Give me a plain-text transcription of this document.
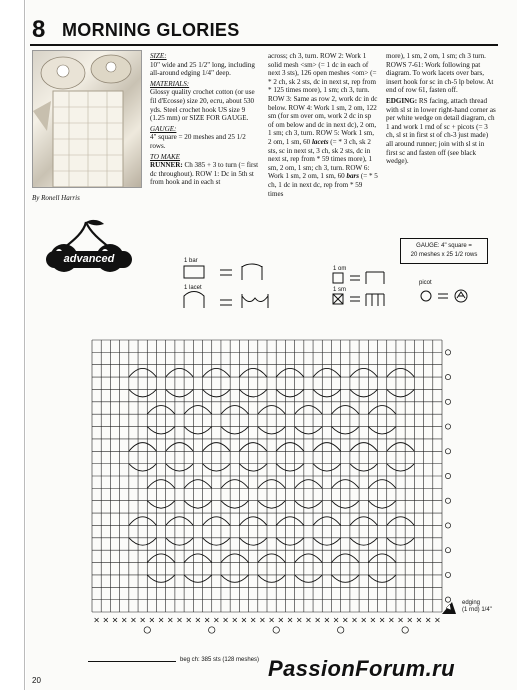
8 MORNING GLORIES
By Ronell Harris
advanced

SIZE:
10" wide and 25 1/2" long, including all-around edging 1/4" deep.

MATERIALS:
Glossy quality crochet cotton (or use fil d'Ecosse) size 20, ecru, about 530 yds. Steel crochet hook US size 9 (1.25 mm) or SIZE FOR GAUGE.

GAUGE:
4" square = 20 meshes and 25 1/2 rows.

TO MAKE
RUNNER: Ch 385 + 3 to turn (= first dc throughout). ROW 1: Dc in 5th st from hook and in each st

across; ch 3, turn. ROW 2: Work 1 solid mesh <sm> (= 1 dc in each of next 3 sts), 126 open meshes <om> (= * 2 ch, sk 2 sts, dc in next st, rep from * 125 times more), 1 sm; ch 3, turn. ROW 3: Same as row 2, work dc in dc below. ROW 4: Work 1 sm, 2 om, 122 sm (for sm over om, work 2 dc in sp of om below and dc in next dc), 2 om, 1 sm; ch 3, turn. ROW 5: Work 1 sm, 2 om, 1 sm, 60 lacets (= * 3 ch, sk 2 sts, sc in next st, 3 ch, sk 2 sts, dc in next st, rep from * 59 times more), 1 sm, 2 om, 1 sm; ch 3, turn. ROW 6: Work 1 sm, 2 om, 1 sm, 60 bars (= * 5 ch, 1 dc in next dc, rep from * 59 times

more), 1 sm, 2 om, 1 sm; ch 3 turn. ROWS 7-61: Work following pat diagram. To work lacets over bars, insert hook for sc in ch-5 lp below. At end of row 61, fasten off.

EDGING: RS facing, attach thread with sl st in lower right-hand corner as per white wedge on detail diagram, ch 1 and work 1 rnd of sc + picots (= 3 ch, sl st in first st of ch-3 just made) all around runner; join with sl st in first sc and fasten off (see black wedge).

GAUGE: 4" square =
20 meshes x 25 1/2 rows
1 bar
1 lacet
1 om
1 sm
picot
edging
(1 rnd) 1/4"
beg ch: 385 sts (128 meshes)
20	PassionForum.ru
